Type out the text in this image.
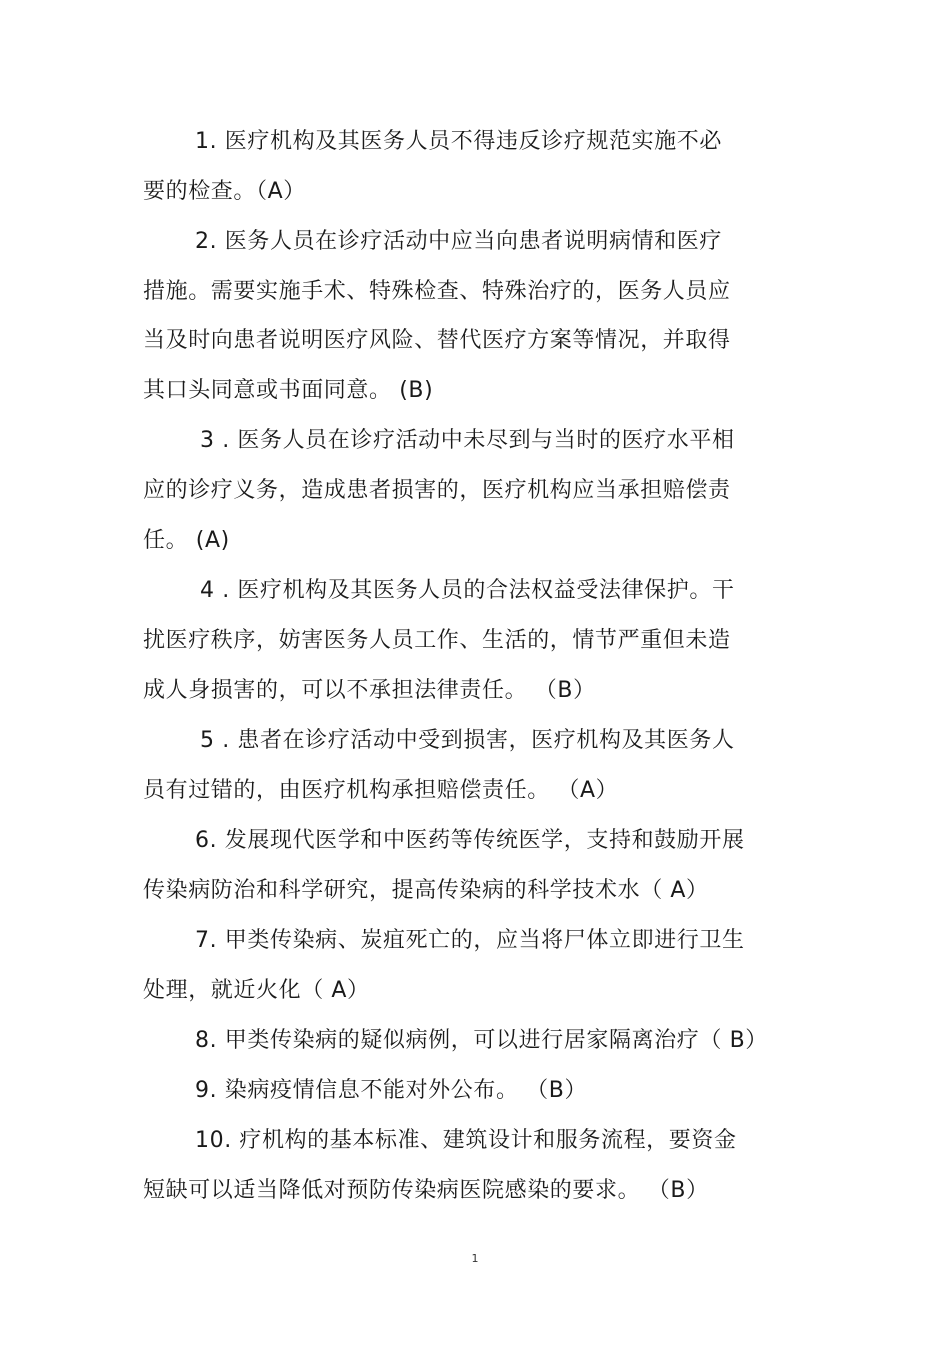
1. 医疗机构及其医务人员不得违反诊疗规范实施不必
要的检查。（A）
2. 医务人员在诊疗活动中应当向患者说明病情和医疗
措施。需要实施手术、特殊检查、特殊治疗的，医务人员应
当及时向患者说明医疗风险、替代医疗方案等情况，并取得
其口头同意或书面同意。 (B)
3 . 医务人员在诊疗活动中未尽到与当时的医疗水平相
应的诊疗义务，造成患者损害的，医疗机构应当承担赔偿责
任。 (A)
4 . 医疗机构及其医务人员的合法权益受法律保护。干
扰医疗秩序，妨害医务人员工作、生活的，情节严重但未造
成人身损害的，可以不承担法律责任。 （B）
5 . 患者在诊疗活动中受到损害，医疗机构及其医务人
员有过错的，由医疗机构承担赔偿责任。 （A）
6. 发展现代医学和中医药等传统医学，支持和鼓励开展
传染病防治和科学研究，提高传染病的科学技术水（ A）
7. 甲类传染病、炭疽死亡的，应当将尸体立即进行卫生
处理，就近火化（ A）
8. 甲类传染病的疑似病例，可以进行居家隔离治疗（ B）
9. 染病疫情信息不能对外公布。 （B）
10. 疗机构的基本标准、建筑设计和服务流程，要资金
短缺可以适当降低对预防传染病医院感染的要求。 （B）
1
